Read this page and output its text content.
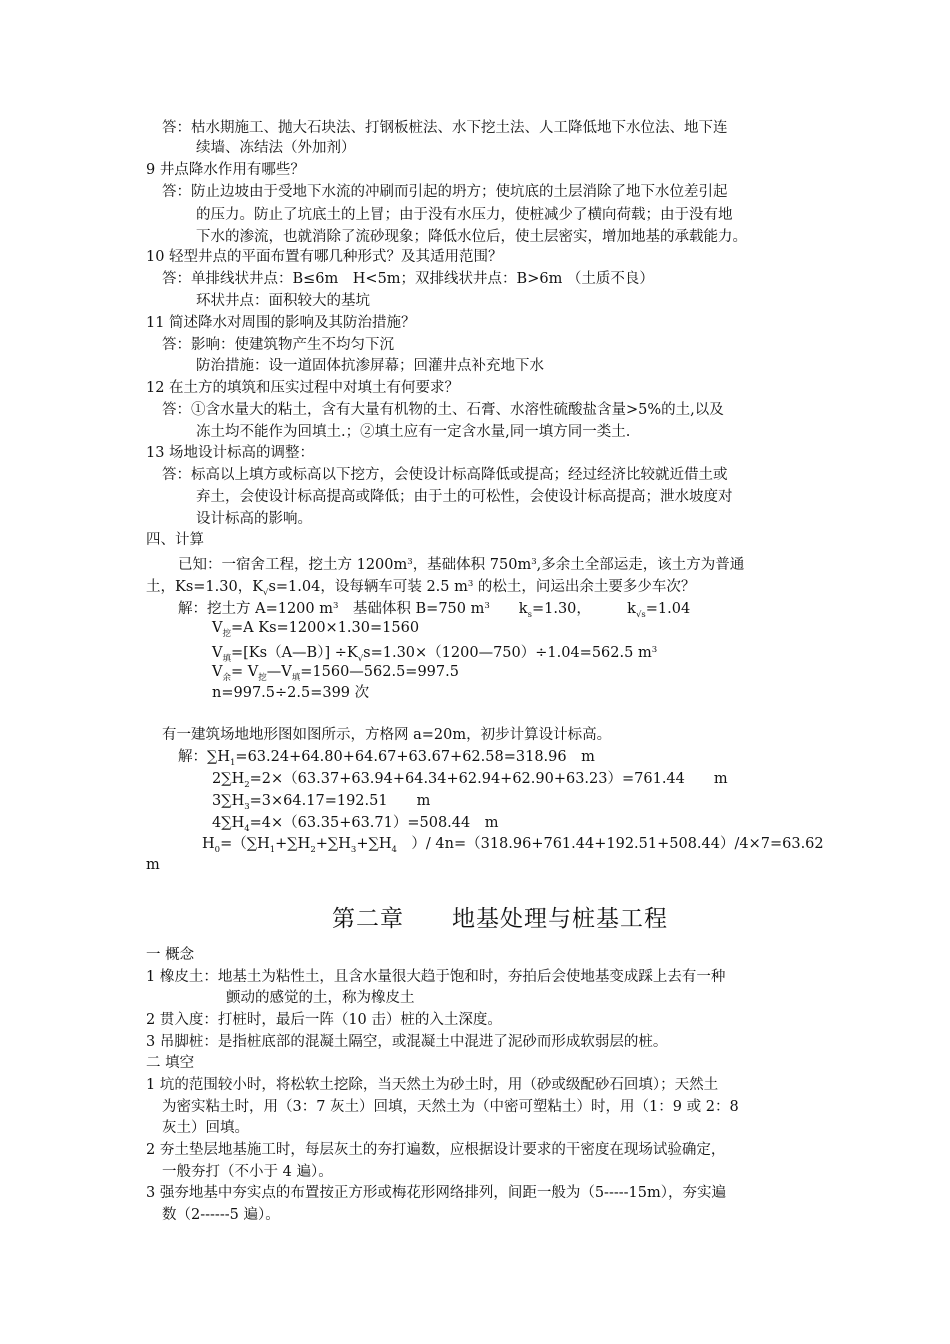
答：枯水期施工、抛大石块法、打钢板桩法、水下挖土法、人工降低地下水位法、地下连
续墙、冻结法（外加剂）
9 井点降水作用有哪些？
答：防止边坡由于受地下水流的冲刷而引起的坍方；使坑底的土层消除了地下水位差引起
的压力。防止了坑底土的上冒；由于没有水压力，使桩减少了横向荷载；由于没有地
下水的渗流，也就消除了流砂现象；降低水位后，使土层密实，增加地基的承载能力。
10 轻型井点的平面布置有哪几种形式？及其适用范围？
答：单排线状井点：B≤6m　H<5m；双排线状井点：B>6m （土质不良）
环状井点：面积较大的基坑
11 简述降水对周围的影响及其防治措施？
答：影响：使建筑物产生不均匀下沉
防治措施：设一道固体抗渗屏幕；回灌井点补充地下水
12 在土方的填筑和压实过程中对填土有何要求？
答：①含水量大的粘土，含有大量有机物的土、石膏、水溶性硫酸盐含量>5%的土,以及
冻土均不能作为回填土.；②填土应有一定含水量,同一填方同一类土.
13 场地设计标高的调整：
答：标高以上填方或标高以下挖方，会使设计标高降低或提高；经过经济比较就近借土或
弃土，会使设计标高提高或降低；由于土的可松性，会使设计标高提高；泄水坡度对
设计标高的影响。
四、计算
已知：一宿舍工程，挖土方 $1200m^3$，基础体积 $750m^3$,多余土全部运走，该土方为普通
土，Ks=1.30，$K_√s=1.04$，设每辆车可装 2.5 $m^3$ 的松土，问运出余土要多少车次？
解：挖土方 A=1200 $m^3$　基础体积 B=750 $m^3$　　$k_s=1.30$，　　　$k_{√s}=1.04$
$V_挖=A$ Ks=1200×1.30=1560
$V_填=[Ks(A—B)]$ $\div K_√s=1.30\times(1200—750)\div 1.04=562.5$ $m^3$
$V_余=$ $V_挖—V_填=1560—562.5=997.5$
n=997.5÷2.5=399 次
有一建筑场地地形图如图所示，方格网 a=20m，初步计算设计标高。
解：$\sum H_1=63.24+64.80+64.67+63.67+62.58=318.96$　m
$2\sum H_2=2\times(63.37+63.94+64.34+62.94+62.90+63.23)=761.44$　　m
$3\sum H_3=3\times 64.17=192.51$　　m
$4\sum H_4=4\times(63.35+63.71)=508.44$　m
$H_0=(\sum H_1+\sum H_2+\sum H_3+\sum H_4$　）/ 4n=（318.96+761.44+192.51+508.44）/4×7=63.62
m
第二章　　地基处理与桩基工程
一 概念
1 橡皮土：地基土为粘性土，且含水量很大趋于饱和时，夯拍后会使地基变成踩上去有一种
颤动的感觉的土，称为橡皮土
2 贯入度：打桩时，最后一阵（10 击）桩的入土深度。
3 吊脚桩：是指桩底部的混凝土隔空，或混凝土中混进了泥砂而形成软弱层的桩。
二 填空
1 坑的范围较小时，将松软土挖除，当天然土为砂土时，用（砂或级配砂石回填）；天然土
为密实粘土时，用（3：7 灰土）回填，天然土为（中密可塑粘土）时，用（1：9 或 2：8
灰土）回填。
2 夯土垫层地基施工时，每层灰土的夯打遍数，应根据设计要求的干密度在现场试验确定，
一般夯打（不小于 4 遍）。
3 强夯地基中夯实点的布置按正方形或梅花形网络排列，间距一般为（5-----15m），夯实遍
数（2------5 遍）。
